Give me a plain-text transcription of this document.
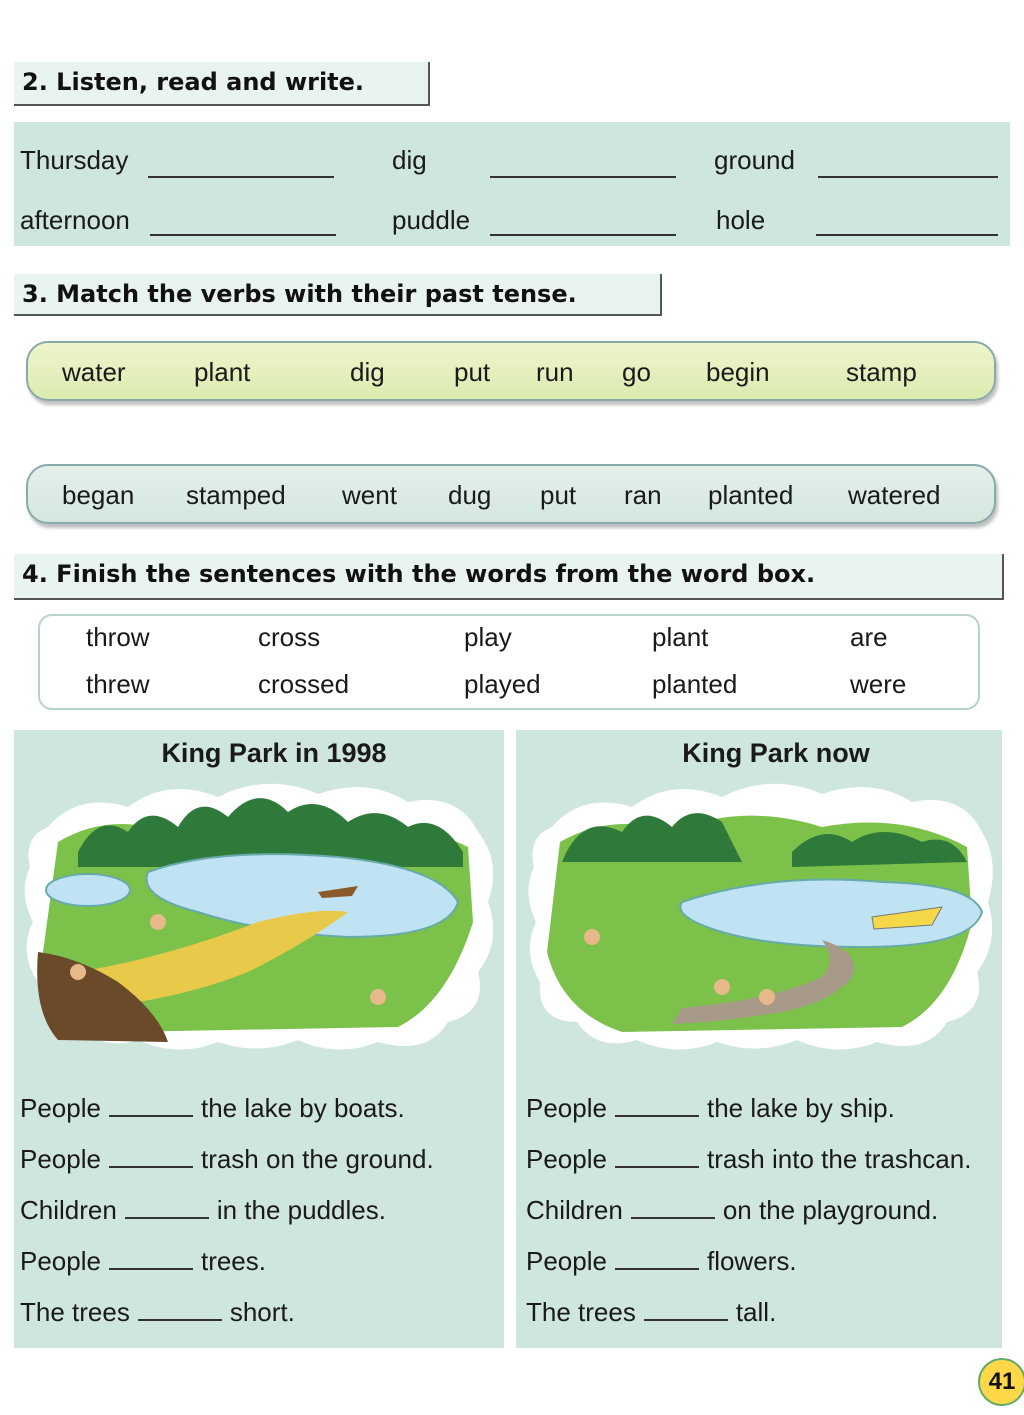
2. Listen, read and write.
Thursday	dig	ground
afternoon	puddle	hole
3. Match the verbs with their past tense.
water	plant	dig	put run go begin	stamp
began stamped went dug put ran planted watered
4. Finish the sentences with the words from the word box.
throw	cross	play	plant	are
threw	crossed	played	planted	were
King Park in 1998
People	the lake by boats.
People	trash on the ground.
Children	in the puddles.
People	trees.
The trees	short.
King Park now
People	the lake by ship.
People	trash into the trashcan.
Children	on the playground.
People	flowers.
The trees	tall.
41
